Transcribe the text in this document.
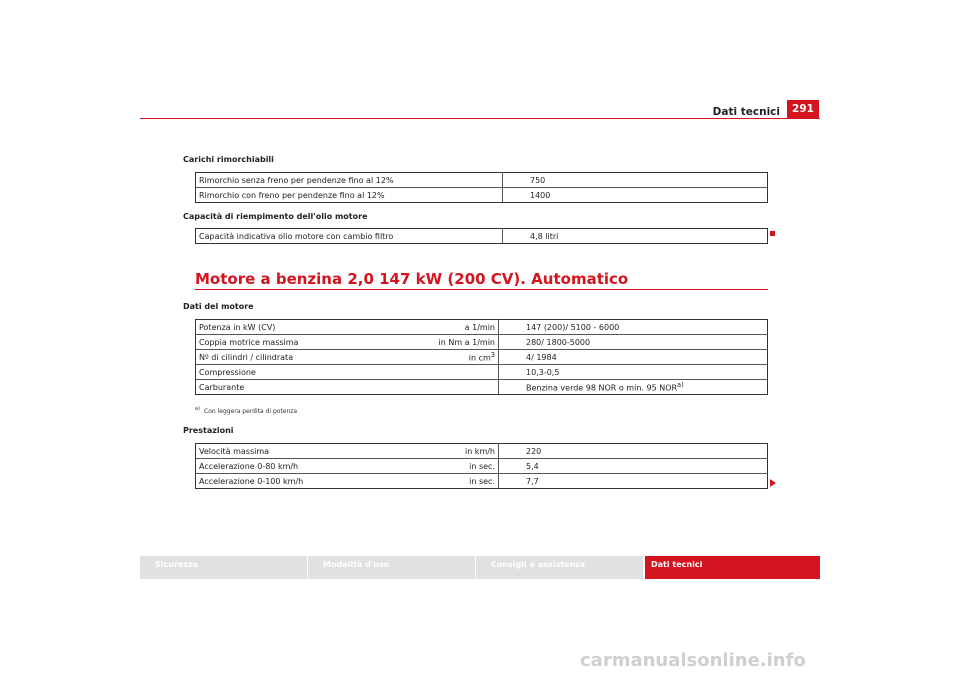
Dati tecnici	291
Carichi rimorchiabili
Rimorchio senza freno per pendenze fino al 12%	750
Rimorchio con freno per pendenze fino al 12%	1400
Capacità di riempimento dell'olio motore
Capacità indicativa olio motore con cambio filtro	4,8 litri
Motore a benzina 2,0 147 kW (200 CV). Automatico
Dati del motore
Potenza in kW (CV)	a 1/min	147 (200)/ 5100 - 6000
Coppia motrice massima	in Nm a 1/min	280/ 1800-5000
Nº di cilindri / cilindrata	in $cm^3$	4/ 1984
Compressione		10,3-0,5
Carburante		Benzina verde 98 NOR o min. 95 NOR$^{a)}$
$^{a)}$ Con leggera perdita di potenza
Prestazioni
Velocità massima	in km/h	220
Accelerazione 0-80 km/h	in sec.	5,4
Accelerazione 0-100 km/h	in sec.	7,7
Sicurezza	Modalità d'uso	Consigli e assistenza	Dati tecnici
carmanualsonline.info
